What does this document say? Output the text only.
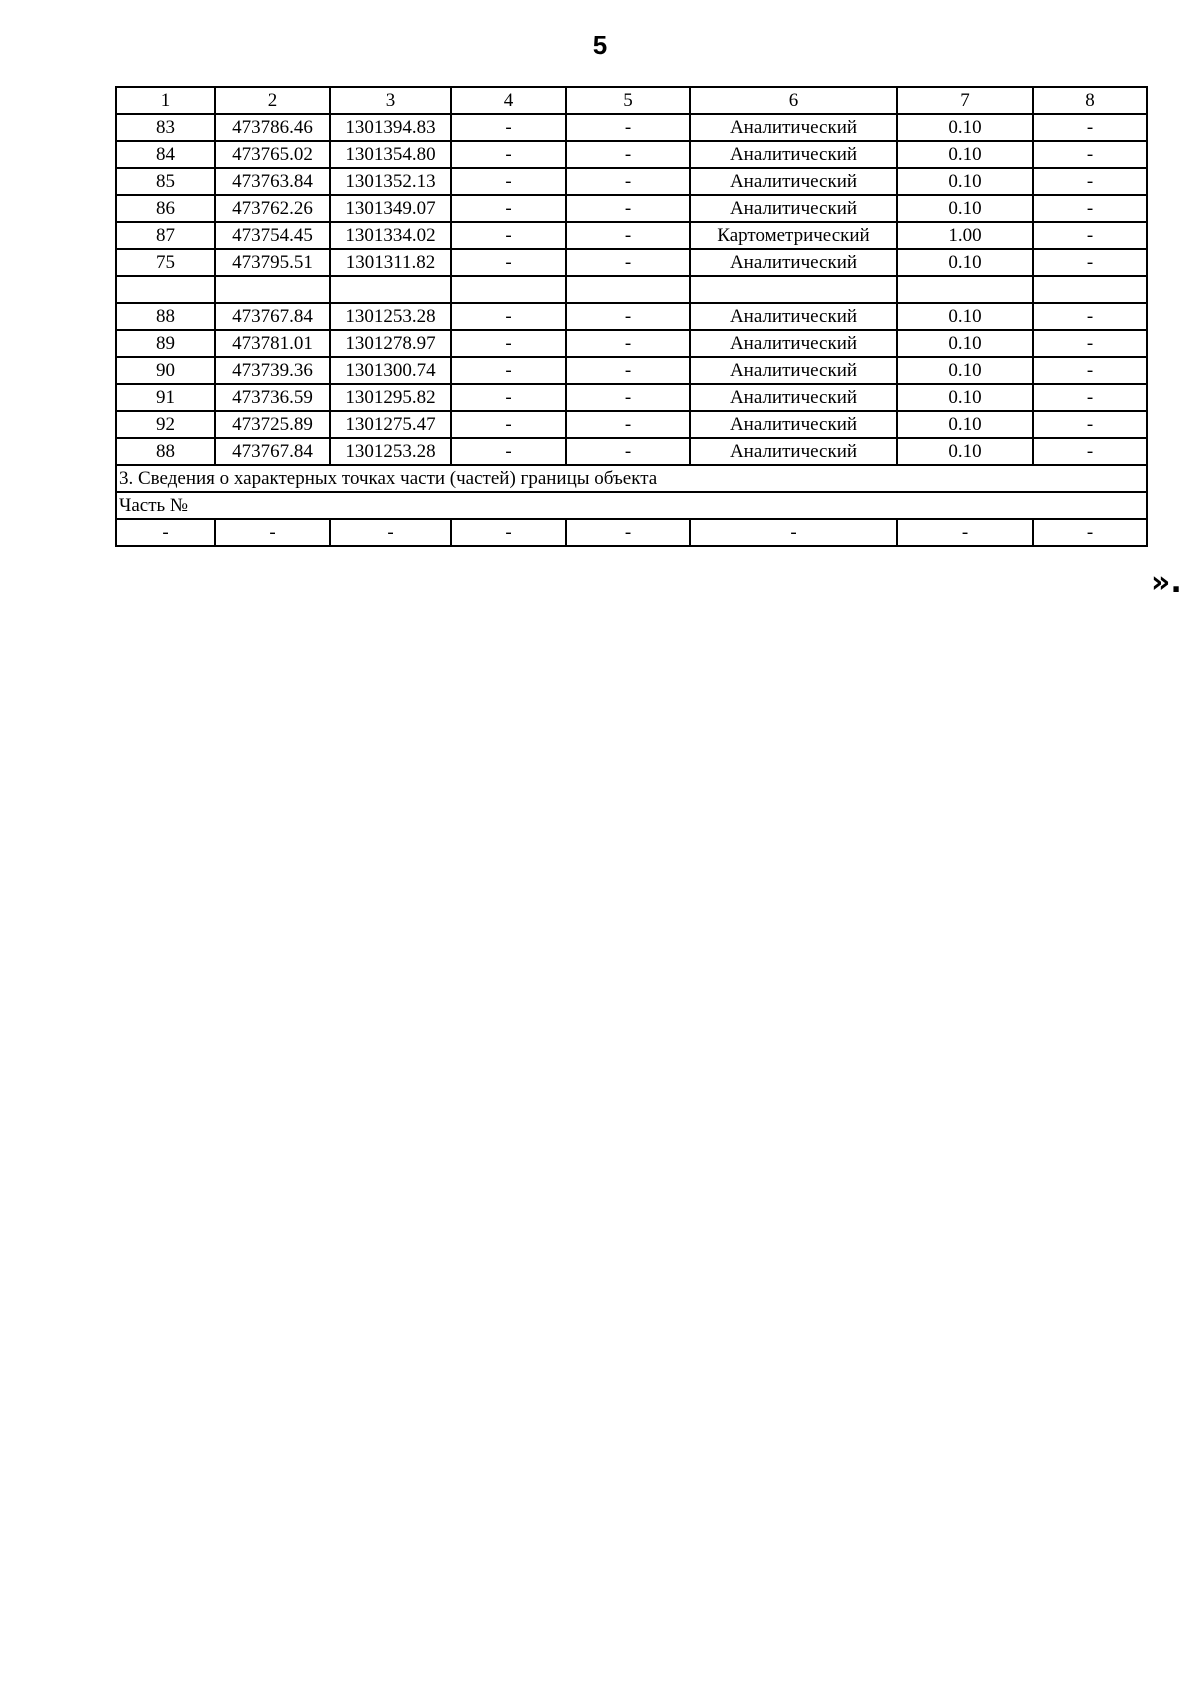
5
1	2	3	4	5	6	7	8
83	473786.46	1301394.83	-	-	Аналитический	0.10	-
84	473765.02	1301354.80	-	-	Аналитический	0.10	-
85	473763.84	1301352.13	-	-	Аналитический	0.10	-
86	473762.26	1301349.07	-	-	Аналитический	0.10	-
87	473754.45	1301334.02	-	-	Картометрический	1.00	-
75	473795.51	1301311.82	-	-	Аналитический	0.10	-

88	473767.84	1301253.28	-	-	Аналитический	0.10	-
89	473781.01	1301278.97	-	-	Аналитический	0.10	-
90	473739.36	1301300.74	-	-	Аналитический	0.10	-
91	473736.59	1301295.82	-	-	Аналитический	0.10	-
92	473725.89	1301275.47	-	-	Аналитический	0.10	-
88	473767.84	1301253.28	-	-	Аналитический	0.10	-
3. Сведения о характерных точках части (частей) границы объекта							
Часть №							
-	-	-	-	-	-	-	-
».
